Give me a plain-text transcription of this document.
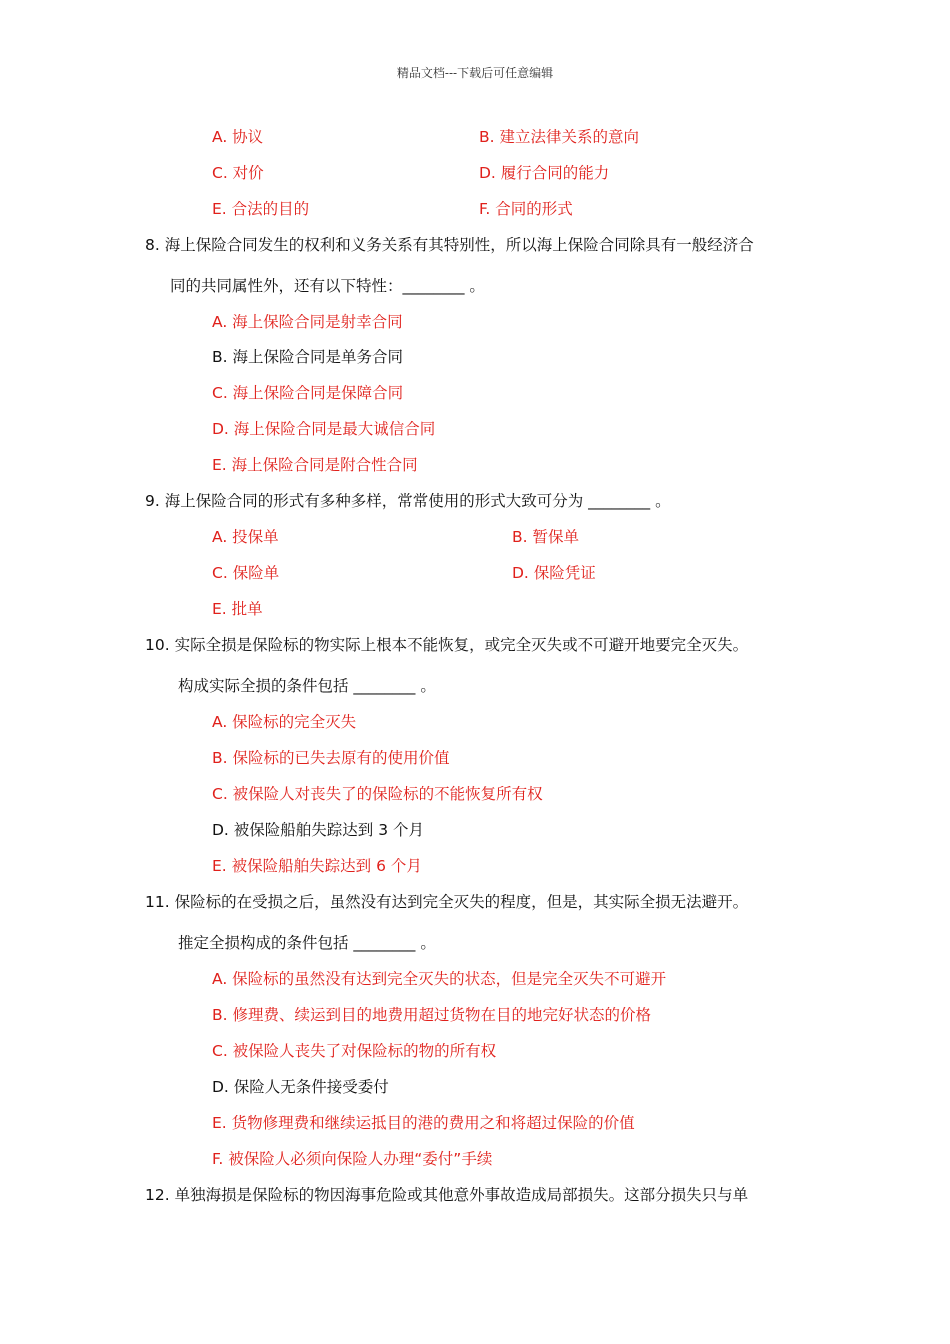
精品文档---下载后可任意编辑
A. 协议	B. 建立法律关系的意向
C. 对价	D. 履行合同的能力
E. 合法的目的	F. 合同的形式
8. 海上保险合同发生的权利和义务关系有其特别性，所以海上保险合同除具有一般经济合
同的共同属性外，还有以下特性：________ 。
A. 海上保险合同是射幸合同
B. 海上保险合同是单务合同
C. 海上保险合同是保障合同
D. 海上保险合同是最大诚信合同
E. 海上保险合同是附合性合同
9. 海上保险合同的形式有多种多样，常常使用的形式大致可分为 ________ 。
A. 投保单	B. 暂保单
C. 保险单	D. 保险凭证
E. 批单
10. 实际全损是保险标的物实际上根本不能恢复，或完全灭失或不可避开地要完全灭失。
构成实际全损的条件包括 ________ 。
A. 保险标的完全灭失
B. 保险标的已失去原有的使用价值
C. 被保险人对丧失了的保险标的不能恢复所有权
D. 被保险船舶失踪达到 3 个月
E. 被保险船舶失踪达到 6 个月
11. 保险标的在受损之后，虽然没有达到完全灭失的程度，但是，其实际全损无法避开。
推定全损构成的条件包括 ________ 。
A. 保险标的虽然没有达到完全灭失的状态，但是完全灭失不可避开
B. 修理费、续运到目的地费用超过货物在目的地完好状态的价格
C. 被保险人丧失了对保险标的物的所有权
D. 保险人无条件接受委付
E. 货物修理费和继续运抵目的港的费用之和将超过保险的价值
F. 被保险人必须向保险人办理“委付”手续
12. 单独海损是保险标的物因海事危险或其他意外事故造成局部损失。这部分损失只与单
